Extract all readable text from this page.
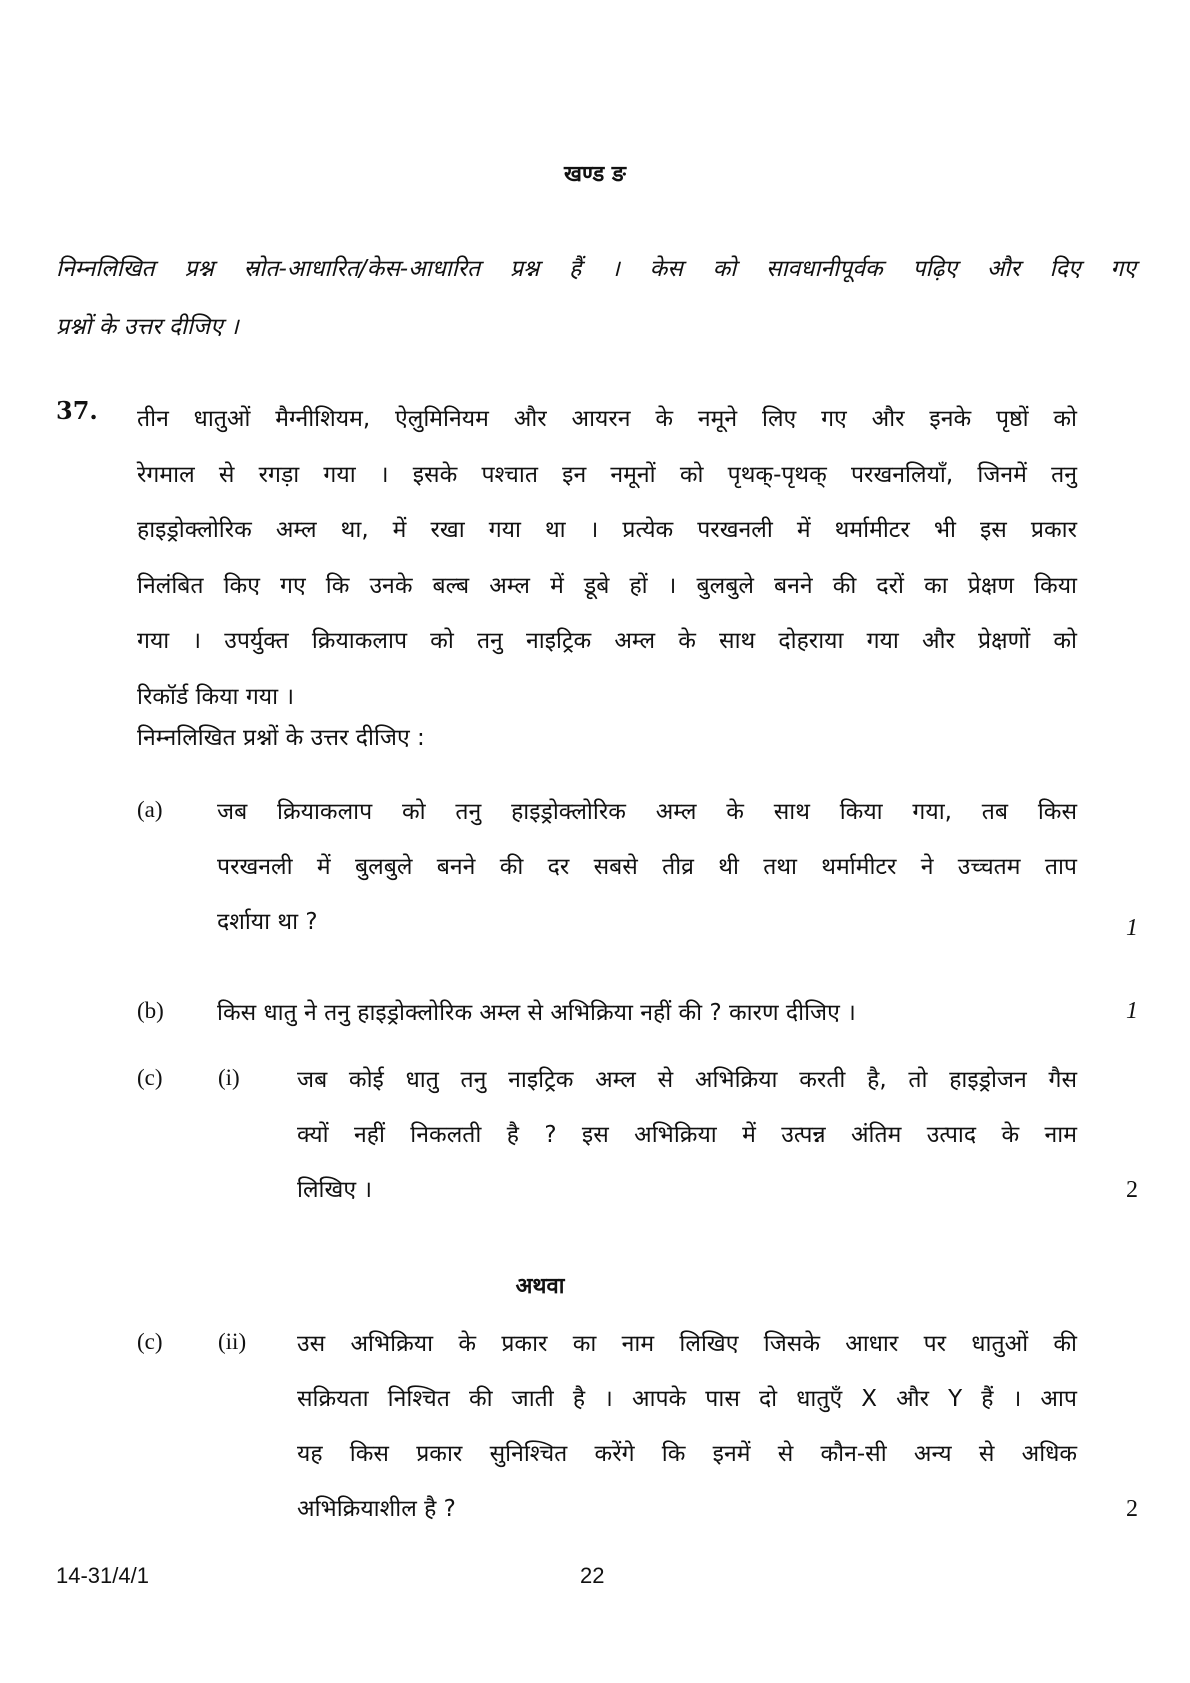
खण्ड ङ
निम्नलिखित प्रश्न स्रोत-आधारित/केस-आधारित प्रश्न हैं । केस को सावधानीपूर्वक पढ़िए और दिए गए
प्रश्नों के उत्तर दीजिए ।
37. तीन धातुओं मैग्नीशियम, ऐलुमिनियम और आयरन के नमूने लिए गए और इनके पृष्ठों को
रेगमाल से रगड़ा गया । इसके पश्चात इन नमूनों को पृथक्-पृथक् परखनलियाँ, जिनमें तनु
हाइड्रोक्लोरिक अम्ल था, में रखा गया था । प्रत्येक परखनली में थर्मामीटर भी इस प्रकार
निलंबित किए गए कि उनके बल्ब अम्ल में डूबे हों । बुलबुले बनने की दरों का प्रेक्षण किया
गया । उपर्युक्त क्रियाकलाप को तनु नाइट्रिक अम्ल के साथ दोहराया गया और प्रेक्षणों को
रिकॉर्ड किया गया ।
निम्नलिखित प्रश्नों के उत्तर दीजिए :
(a) जब क्रियाकलाप को तनु हाइड्रोक्लोरिक अम्ल के साथ किया गया, तब किस
परखनली में बुलबुले बनने की दर सबसे तीव्र थी तथा थर्मामीटर ने उच्चतम ताप
दर्शाया था ?	1
(b) किस धातु ने तनु हाइड्रोक्लोरिक अम्ल से अभिक्रिया नहीं की ? कारण दीजिए ।	1
(c) (i) जब कोई धातु तनु नाइट्रिक अम्ल से अभिक्रिया करती है, तो हाइड्रोजन गैस
क्यों नहीं निकलती है ? इस अभिक्रिया में उत्पन्न अंतिम उत्पाद के नाम
लिखिए ।	2
अथवा
(c) (ii) उस अभिक्रिया के प्रकार का नाम लिखिए जिसके आधार पर धातुओं की
सक्रियता निश्चित की जाती है । आपके पास दो धातुएँ X और Y हैं । आप
यह किस प्रकार सुनिश्चित करेंगे कि इनमें से कौन-सी अन्य से अधिक
अभिक्रियाशील है ?	2
14-31/4/1	22
